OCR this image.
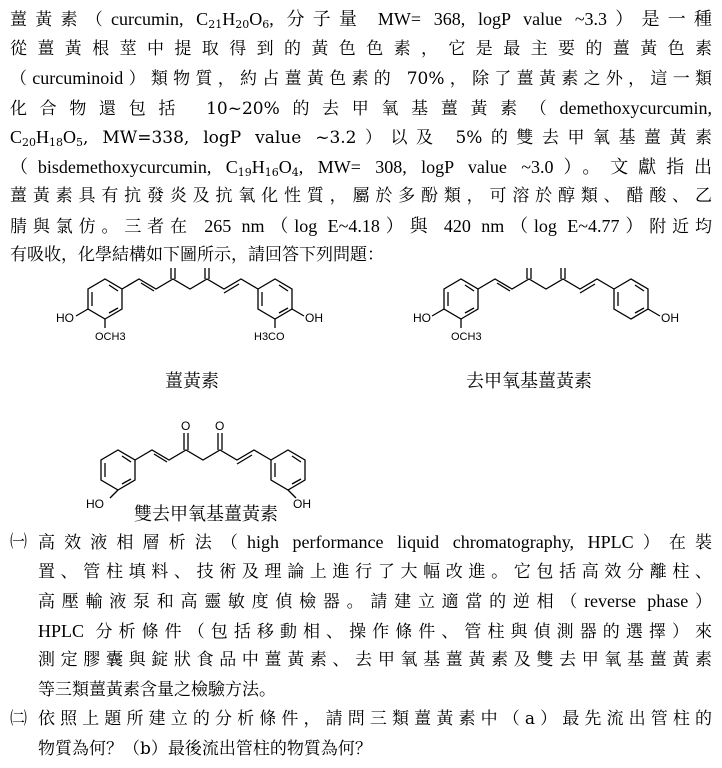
薑黃素（curcumin, $C_{21}H_{20}O_6$, 分子量 MW= 368, logP value ~3.3）是一種
從薑黃根莖中提取得到的黃色色素，它是最主要的薑黃色素
（curcuminoid）類物質，約占薑黃色素的 70%，除了薑黃素之外，這一類
化合物還包括 10~20%的去甲氧基薑黃素（demethoxycurcumin,
$C_{20}H_{18}O_5$, MW=338, logP value ~3.2）以及 5%的雙去甲氧基薑黃素
（bisdemethoxycurcumin, $C_{19}H_{16}O_4$, MW= 308, logP value ~3.0）。文獻指出
薑黃素具有抗發炎及抗氧化性質，屬於多酚類，可溶於醇類、醋酸、乙
腈與氯仿。三者在 265 nm（log E~4.18）與 420 nm（log E~4.77）附近均
有吸收，化學結構如下圖所示，請回答下列問題：
HO	OH
OCH3	H3CO
HO	OH
OCH3
O O
HO	OH
薑黃素	去甲氧基薑黃素
雙去甲氧基薑黃素
㈠ 高效液相層析法（high performance liquid chromatography, HPLC）在裝
置、管柱填料、技術及理論上進行了大幅改進。它包括高效分離柱、
高壓輸液泵和高靈敏度偵檢器。請建立適當的逆相（reverse phase）
HPLC 分析條件（包括移動相、操作條件、管柱與偵測器的選擇）來
測定膠囊與錠狀食品中薑黃素、去甲氧基薑黃素及雙去甲氧基薑黃素
等三類薑黃素含量之檢驗方法。
㈡ 依照上題所建立的分析條件，請問三類薑黃素中（a）最先流出管柱的
物質為何？（b）最後流出管柱的物質為何？
